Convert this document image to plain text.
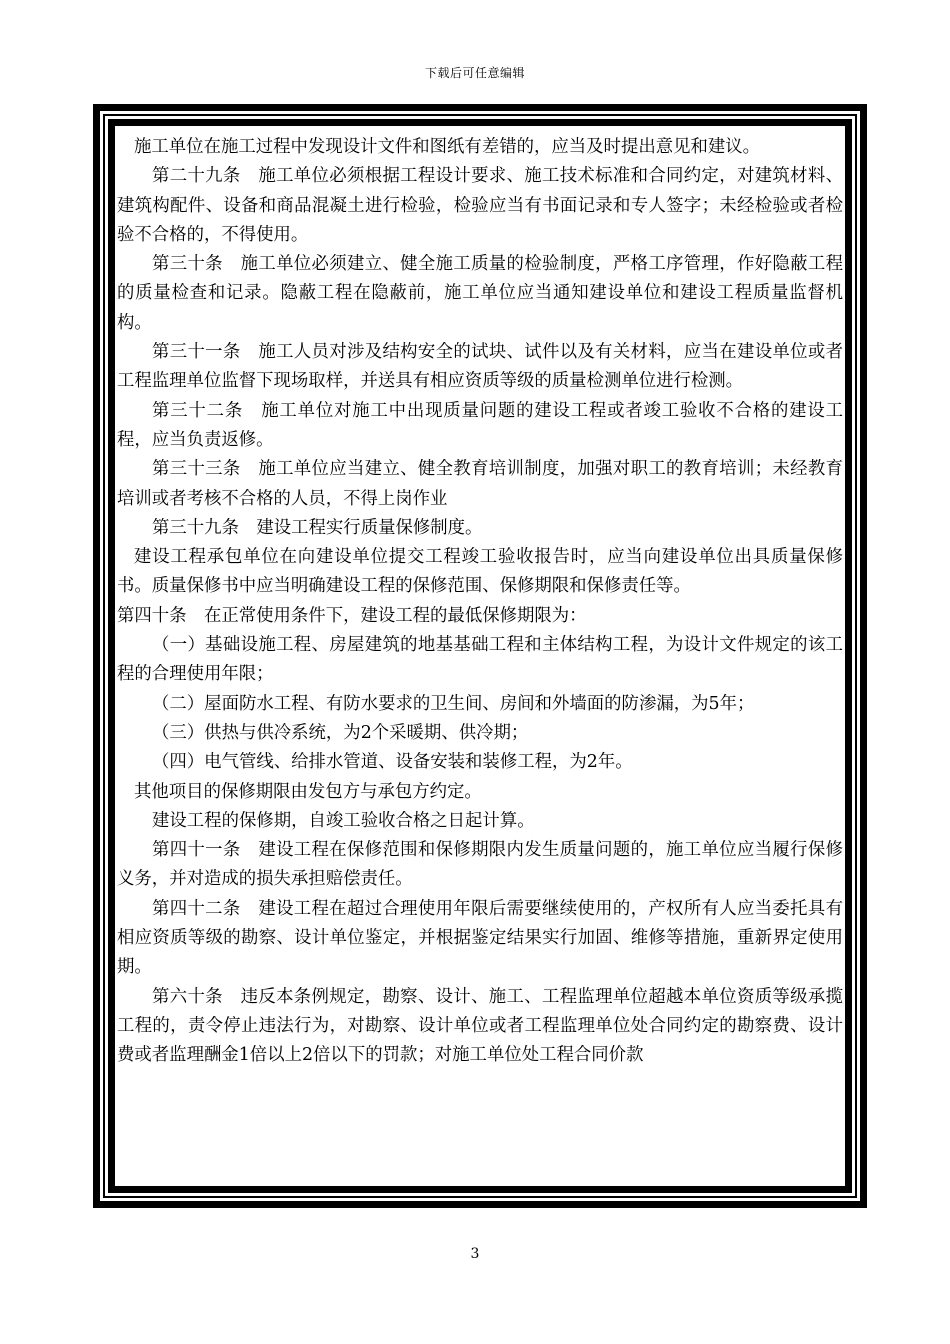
下载后可任意编辑

施工单位在施工过程中发现设计文件和图纸有差错的，应当及时提出意见和建议。

第二十九条　施工单位必须根据工程设计要求、施工技术标准和合同约定，对建筑材料、建筑构配件、设备和商品混凝土进行检验，检验应当有书面记录和专人签字；未经检验或者检验不合格的，不得使用。

第三十条　施工单位必须建立、健全施工质量的检验制度，严格工序管理，作好隐蔽工程的质量检查和记录。隐蔽工程在隐蔽前，施工单位应当通知建设单位和建设工程质量监督机构。

第三十一条　施工人员对涉及结构安全的试块、试件以及有关材料，应当在建设单位或者工程监理单位监督下现场取样，并送具有相应资质等级的质量检测单位进行检测。

第三十二条　施工单位对施工中出现质量问题的建设工程或者竣工验收不合格的建设工程，应当负责返修。

第三十三条　施工单位应当建立、健全教育培训制度，加强对职工的教育培训；未经教育培训或者考核不合格的人员，不得上岗作业

第三十九条　建设工程实行质量保修制度。

建设工程承包单位在向建设单位提交工程竣工验收报告时，应当向建设单位出具质量保修书。质量保修书中应当明确建设工程的保修范围、保修期限和保修责任等。

第四十条　在正常使用条件下，建设工程的最低保修期限为：

（一）基础设施工程、房屋建筑的地基基础工程和主体结构工程，为设计文件规定的该工程的合理使用年限；

（二）屋面防水工程、有防水要求的卫生间、房间和外墙面的防渗漏，为5年；

（三）供热与供冷系统，为2个采暖期、供冷期；

（四）电气管线、给排水管道、设备安装和装修工程，为2年。

其他项目的保修期限由发包方与承包方约定。

建设工程的保修期，自竣工验收合格之日起计算。

第四十一条　建设工程在保修范围和保修期限内发生质量问题的，施工单位应当履行保修义务，并对造成的损失承担赔偿责任。

第四十二条　建设工程在超过合理使用年限后需要继续使用的，产权所有人应当委托具有相应资质等级的勘察、设计单位鉴定，并根据鉴定结果实行加固、维修等措施，重新界定使用期。

第六十条　违反本条例规定，勘察、设计、施工、工程监理单位超越本单位资质等级承揽工程的，责令停止违法行为，对勘察、设计单位或者工程监理单位处合同约定的勘察费、设计费或者监理酬金1倍以上2倍以下的罚款；对施工单位处工程合同价款

3
